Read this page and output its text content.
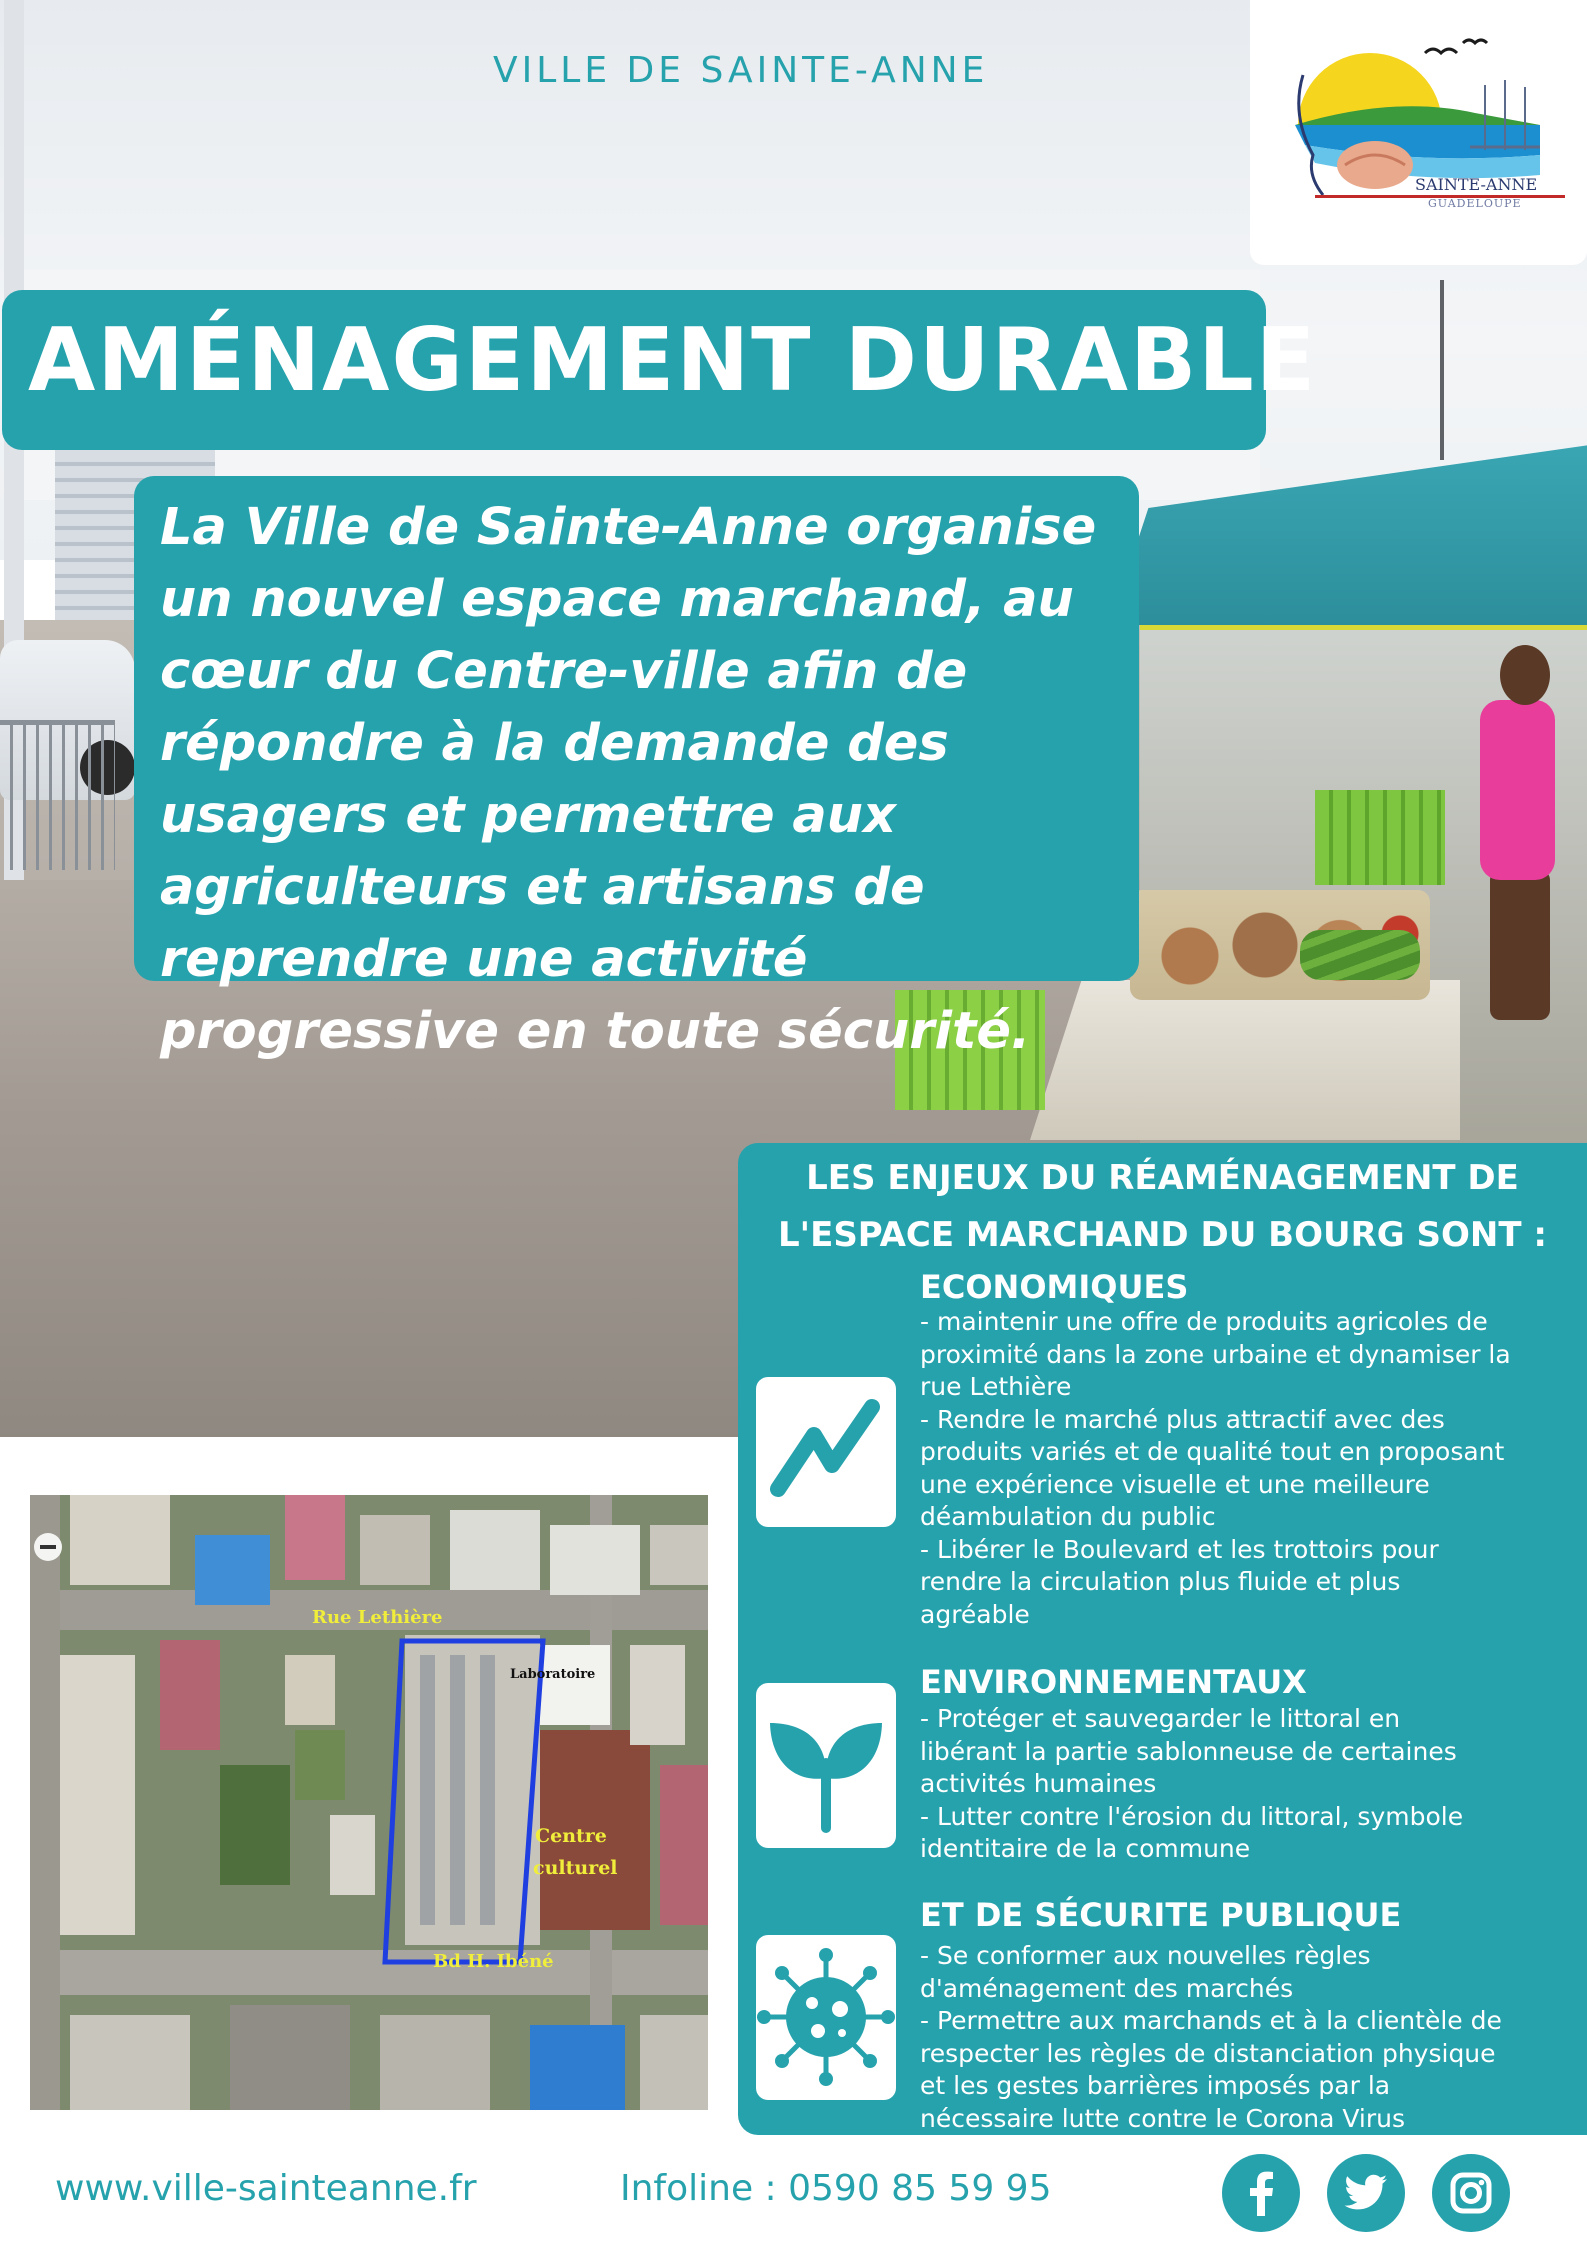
VILLE DE SAINTE-ANNE
SAINTE-ANNE
GUADELOUPE
AMÉNAGEMENT DURABLE
La Ville de Sainte-Anne organise un nouvel espace marchand, au cœur du Centre-ville afin de répondre à la demande des usagers et permettre aux agriculteurs et artisans de reprendre une activité progressive en toute sécurité.
Rue Lethière
Laboratoire
Centre
culturel
Bd H. Ibéné
LES ENJEUX DU RÉAMÉNAGEMENT DE
L'ESPACE MARCHAND DU BOURG SONT :
ECONOMIQUES
- maintenir une offre de produits agricoles de
proximité dans la zone urbaine et dynamiser la
rue Lethière
- Rendre le marché plus attractif avec des
produits variés et de qualité tout en proposant
une expérience visuelle et une meilleure
déambulation du public
- Libérer le Boulevard et les trottoirs pour
rendre la circulation plus fluide et plus
agréable
ENVIRONNEMENTAUX
- Protéger et sauvegarder le littoral en
libérant la partie sablonneuse de certaines
activités humaines
- Lutter contre l'érosion du littoral, symbole
identitaire de la commune
ET DE SÉCURITE PUBLIQUE
- Se conformer aux nouvelles règles
d'aménagement des marchés
- Permettre aux marchands et à la clientèle de
respecter les règles de distanciation physique
et les gestes barrières imposés par la
nécessaire lutte contre le Corona Virus
www.ville-sainteanne.fr	Infoline : 0590 85 59 95
